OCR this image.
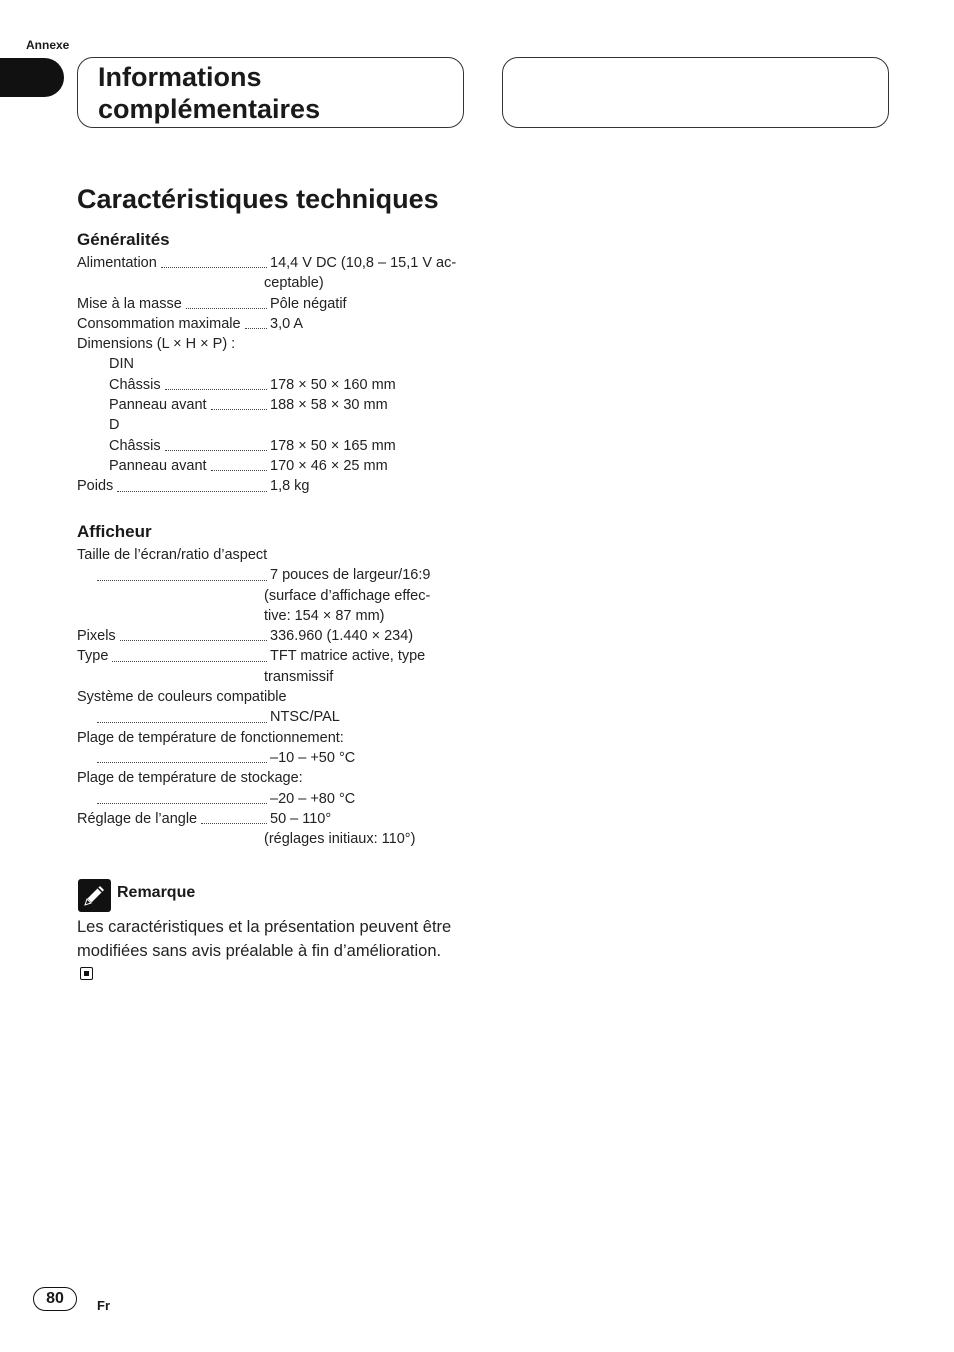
Annexe
Informations
complémentaires
Caractéristiques techniques
Généralités
Alimentation	14,4 V DC (10,8 – 15,1 V ac-
ceptable)
Mise à la masse	Pôle négatif
Consommation maximale 3,0 A
Dimensions (L × H × P) :
DIN
Châssis	178 × 50 × 160 mm
Panneau avant	188 × 58 × 30 mm
D
Châssis	178 × 50 × 165 mm
Panneau avant	170 × 46 × 25 mm
Poids	1,8 kg
Afficheur
Taille de l’écran/ratio d’aspect
7 pouces de largeur/16:9
(surface d’affichage effec-
tive: 154 × 87 mm)
Pixels	336.960 (1.440 × 234)
Type	TFT matrice active, type
transmissif
Système de couleurs compatible
NTSC/PAL
Plage de température de fonctionnement:
–10 – +50 °C
Plage de température de stockage:
–20 – +80 °C
Réglage de l’angle	50 – 110°
(réglages initiaux: 110°)
Remarque
Les caractéristiques et la présentation peuvent être modifiées sans avis préalable à fin d’amélioration.
80	Fr
